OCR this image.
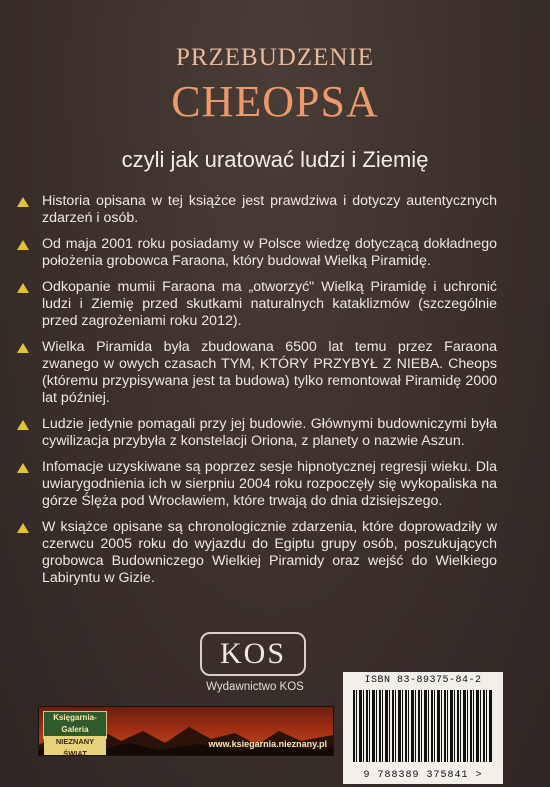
PRZEBUDZENIE
CHEOPSA
czyli jak uratować ludzi i Ziemię
Historia opisana w tej książce jest prawdziwa i dotyczy autentycznych zdarzeń i osób.
Od maja 2001 roku posiadamy w Polsce wiedzę dotyczącą dokładnego położenia grobowca Faraona, który budował Wielką Piramidę.
Odkopanie mumii Faraona ma „otworzyć" Wielką Piramidę i uchronić ludzi i Ziemię przed skutkami naturalnych kataklizmów (szczególnie przed zagrożeniami roku 2012).
Wielka Piramida była zbudowana 6500 lat temu przez Faraona zwanego w owych czasach TYM, KTÓRY PRZYBYŁ Z NIEBA. Cheops (któremu przypisywana jest ta budowa) tylko remontował Piramidę 2000 lat później.
Ludzie jedynie pomagali przy jej budowie. Głównymi budowniczymi była cywilizacja przybyła z konstelacji Oriona, z planety o nazwie Aszun.
Infomacje uzyskiwane są poprzez sesje hipnotycznej regresji wieku. Dla uwiarygodnienia ich w sierpniu 2004 roku rozpoczęły się wykopaliska na górze Ślęża pod Wrocławiem, które trwają do dnia dzisiejszego.
W książce opisane są chronologicznie zdarzenia, które doprowadziły w czerwcu 2005 roku do wyjazdu do Egiptu grupy osób, poszukujących grobowca Budowniczego Wielkiej Piramidy oraz wejść do Wielkiego Labiryntu w Gizie.
KOS
Wydawnictwo KOS
Księgarnia-Galeria
NIEZNANY ŚWIAT
www.ksiegarnia.nieznany.pl
ISBN 83-89375-84-2
9 788389 375841 >
